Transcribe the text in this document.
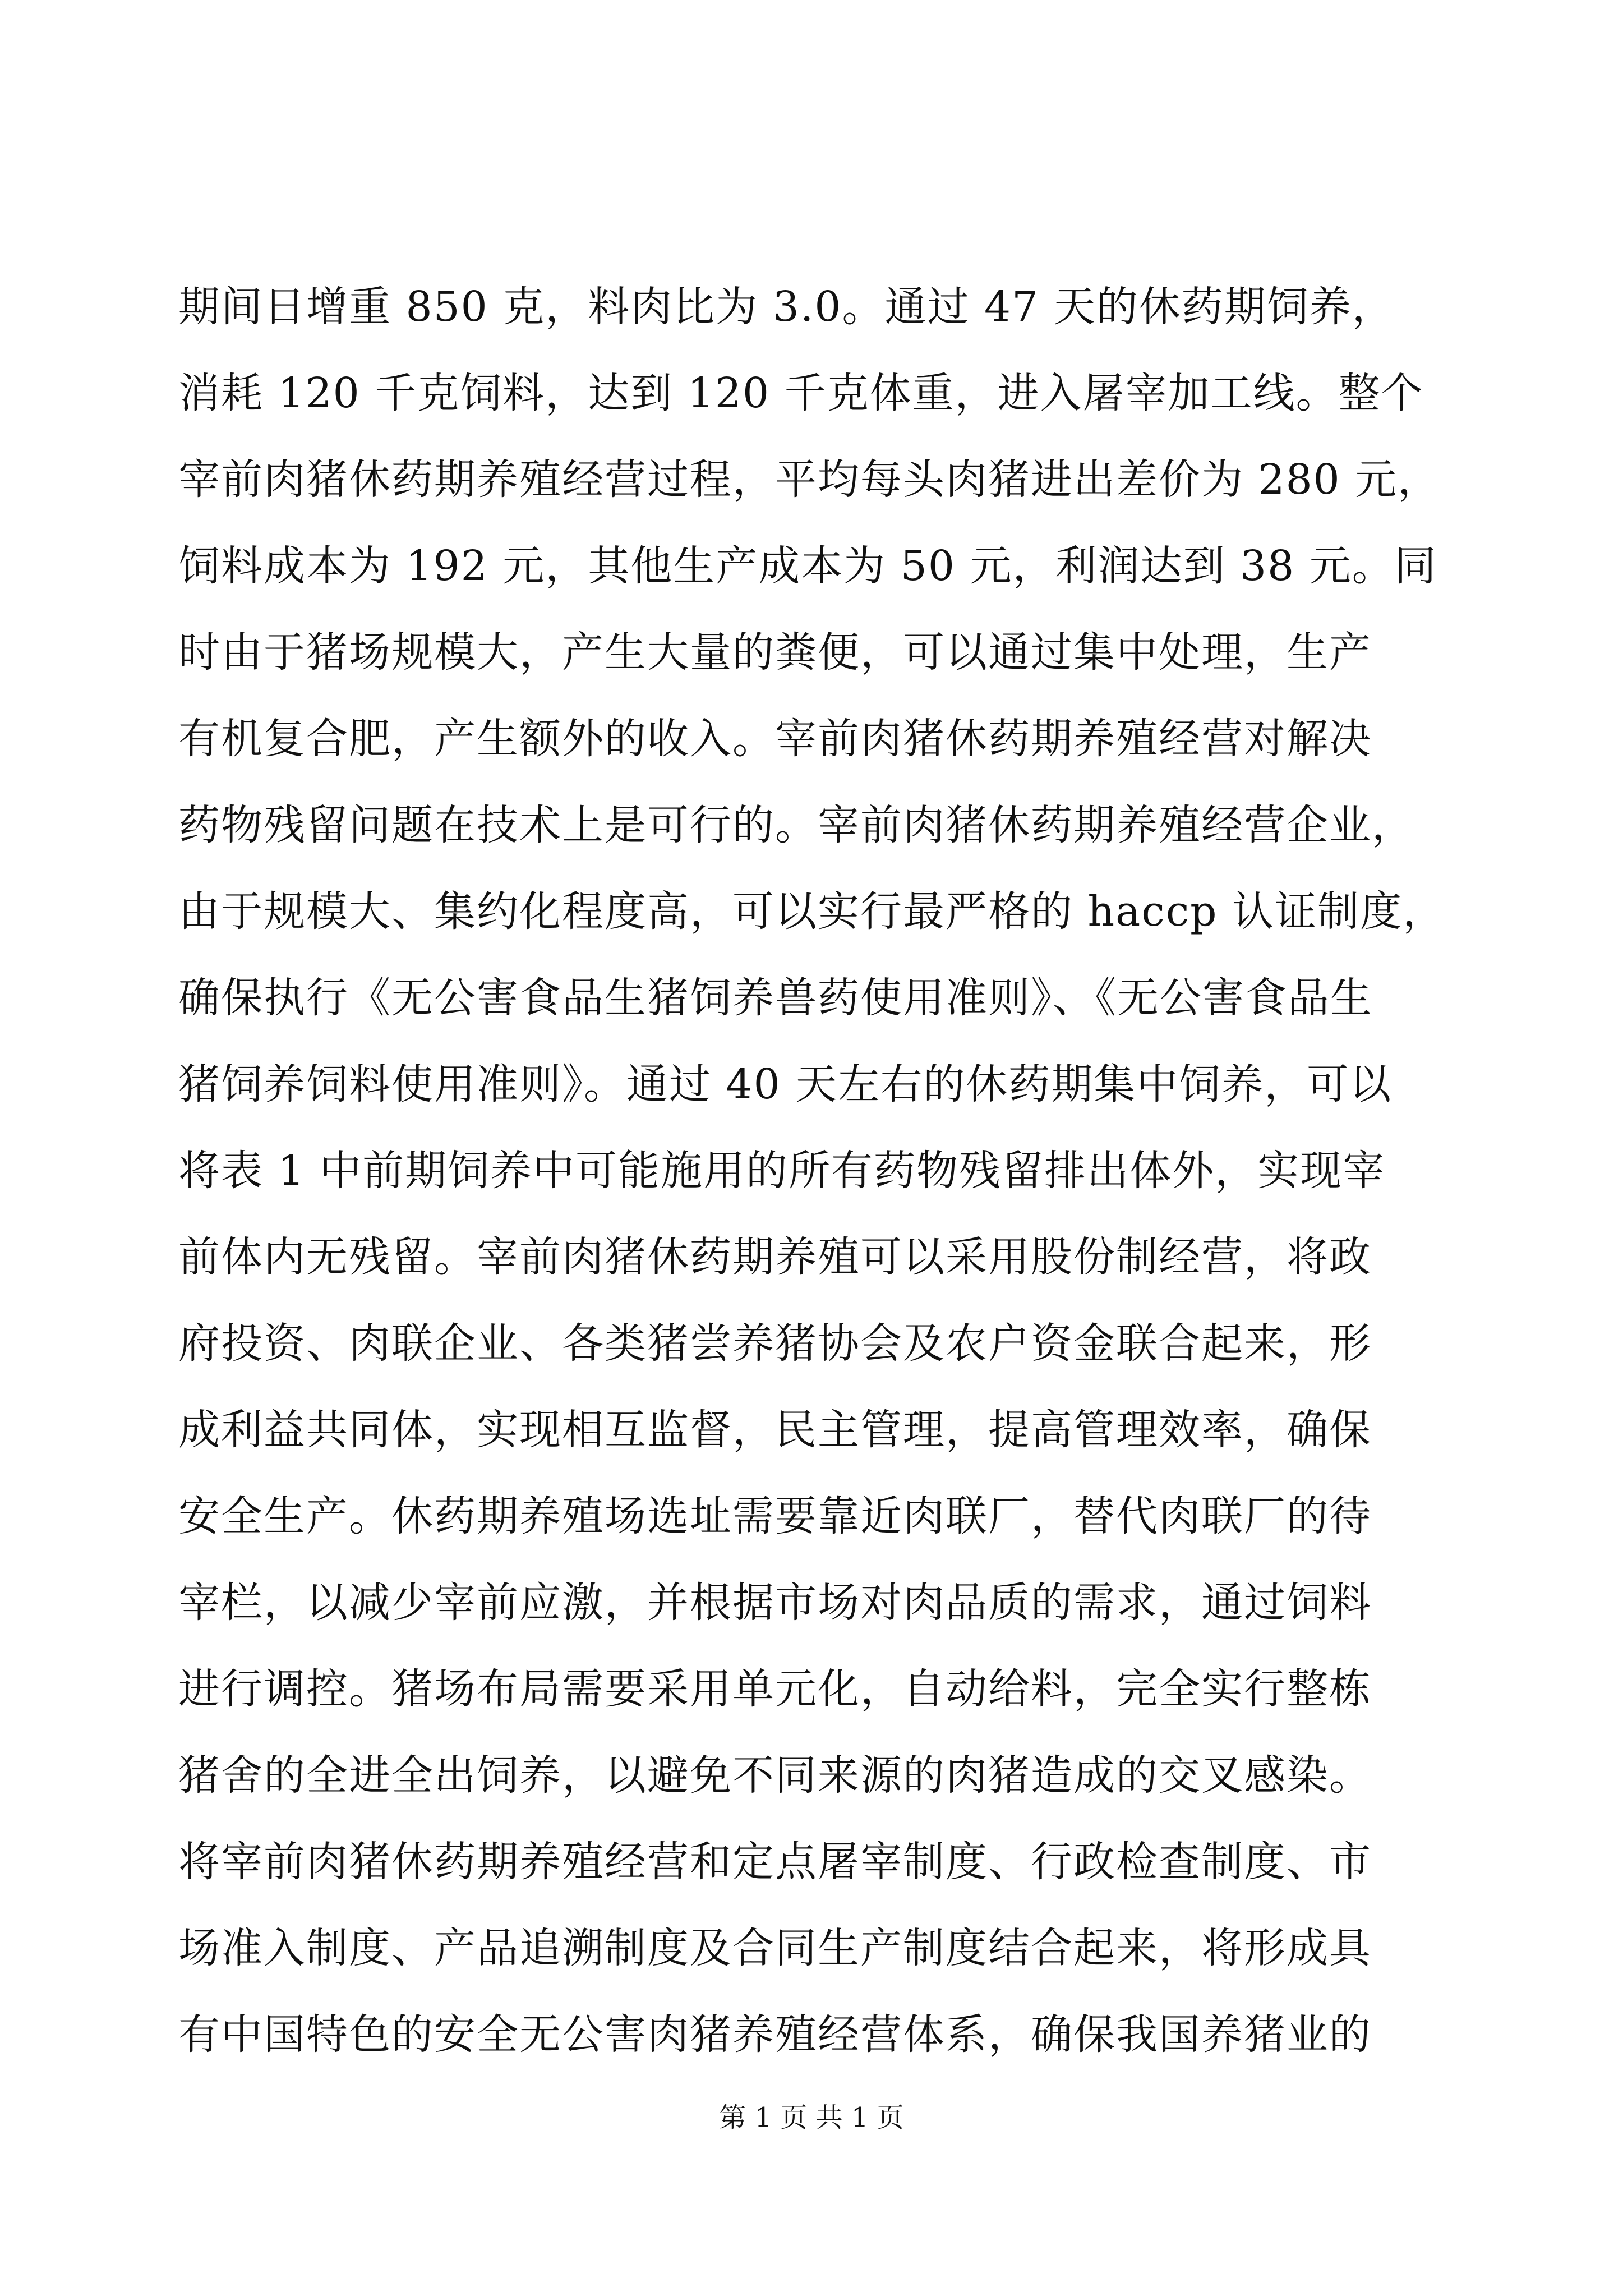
期间日增重 850 克，料肉比为 3.0。通过 47 天的休药期饲养，
消耗 120 千克饲料，达到 120 千克体重，进入屠宰加工线。整个
宰前肉猪休药期养殖经营过程，平均每头肉猪进出差价为 280 元，
饲料成本为 192 元，其他生产成本为 50 元，利润达到 38 元。同
时由于猪场规模大，产生大量的粪便，可以通过集中处理，生产
有机复合肥，产生额外的收入。宰前肉猪休药期养殖经营对解决
药物残留问题在技术上是可行的。宰前肉猪休药期养殖经营企业，
由于规模大、集约化程度高，可以实行最严格的 haccp 认证制度，
确保执行《无公害食品生猪饲养兽药使用准则》、《无公害食品生
猪饲养饲料使用准则》。通过 40 天左右的休药期集中饲养，可以
将表 1 中前期饲养中可能施用的所有药物残留排出体外，实现宰
前体内无残留。宰前肉猪休药期养殖可以采用股份制经营，将政
府投资、肉联企业、各类猪尝养猪协会及农户资金联合起来，形
成利益共同体，实现相互监督，民主管理，提高管理效率，确保
安全生产。休药期养殖场选址需要靠近肉联厂，替代肉联厂的待
宰栏，以减少宰前应激，并根据市场对肉品质的需求，通过饲料
进行调控。猪场布局需要采用单元化，自动给料，完全实行整栋
猪舍的全进全出饲养，以避免不同来源的肉猪造成的交叉感染。
将宰前肉猪休药期养殖经营和定点屠宰制度、行政检查制度、市
场准入制度、产品追溯制度及合同生产制度结合起来，将形成具
有中国特色的安全无公害肉猪养殖经营体系，确保我国养猪业的
第 1 页 共 1 页
